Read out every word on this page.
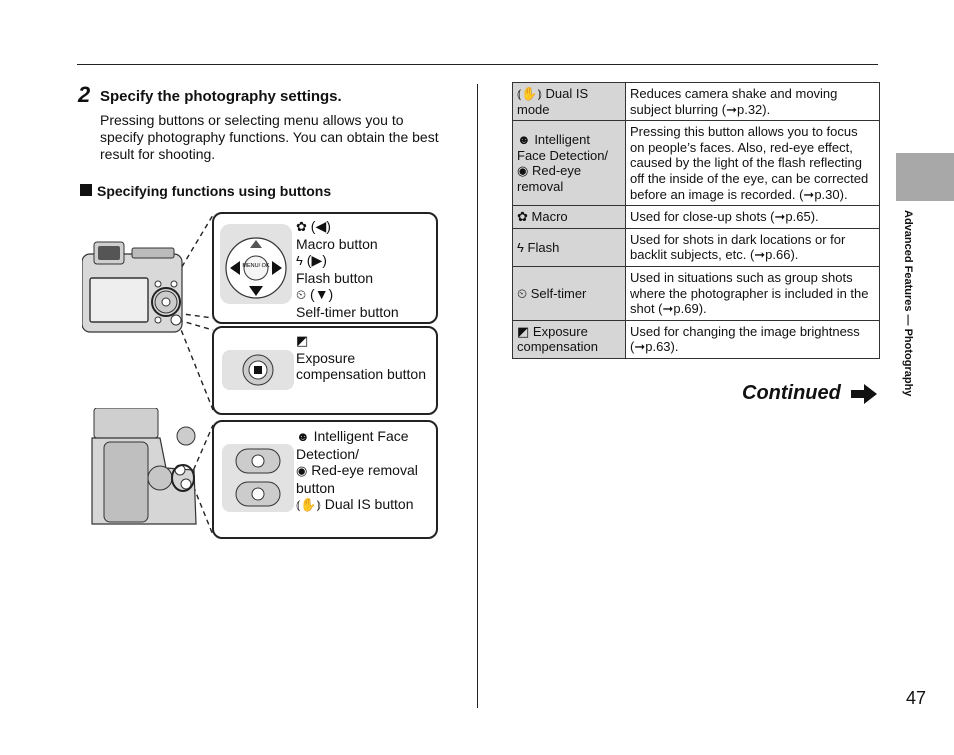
2 Specify the photography settings.
Pressing buttons or selecting menu allows you to specify photography functions. You can obtain the best result for shooting.
Specifying functions using buttons
MENU/ OK
✿ (◀)
Macro button
ϟ (▶)
Flash button
⏲ (▼)
Self-timer button
◩
Exposure compensation button
☻ Intelligent Face Detection/
◉ Red-eye removal button
⦅✋⦆ Dual IS button
⦅✋⦆ Dual IS mode	Reduces camera shake and moving subject blurring (➞p.32).

☻ Intelligent Face Detection/
◉ Red-eye removal	Pressing this button allows you to focus on people’s faces. Also, red-eye effect, caused by the light of the flash reflecting off the inside of the eye, can be corrected before an image is recorded. (➞p.30).
✿ Macro	Used for close-up shots (➞p.65).
ϟ Flash	Used for shots in dark locations or for backlit subjects, etc. (➞p.66).
⏲ Self-timer	Used in situations such as group shots where the photographer is included in the shot (➞p.69).
◩ Exposure compensation	Used for changing the image brightness (➞p.63).
Continued	Advanced Features — Photography
47
